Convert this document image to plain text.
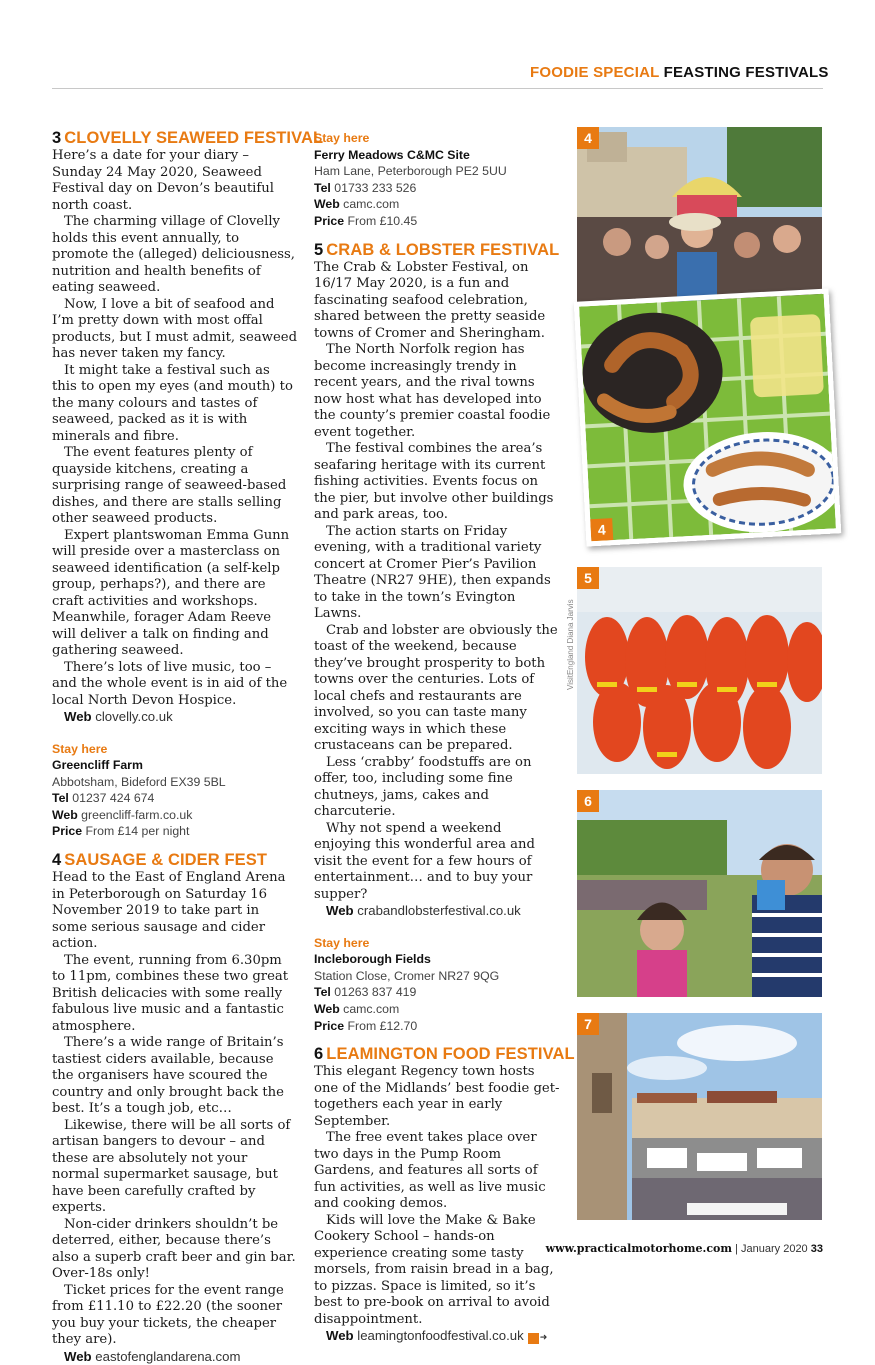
FOODIE SPECIAL FEASTING FESTIVALS
3 CLOVELLY SEAWEED FESTIVAL

Here’s a date for your diary – Sunday 24 May 2020, Seaweed Festival day on Devon’s beautiful north coast.

The charming village of Clovelly holds this event annually, to promote the (alleged) deliciousness, nutrition and health benefits of eating seaweed.

Now, I love a bit of seafood and I’m pretty down with most offal products, but I must admit, seaweed has never taken my fancy.

It might take a festival such as this to open my eyes (and mouth) to the many colours and tastes of seaweed, packed as it is with minerals and fibre.

The event features plenty of quayside kitchens, creating a surprising range of seaweed-based dishes, and there are stalls selling other seaweed products.

Expert plantswoman Emma Gunn will preside over a masterclass on seaweed identification (a self-kelp group, perhaps?), and there are craft activities and workshops. Meanwhile, forager Adam Reeve will deliver a talk on finding and gathering seaweed.

There’s lots of live music, too – and the whole event is in aid of the local North Devon Hospice.

Web clovelly.co.uk

Stay here
Greencliff Farm
Abbotsham, Bideford EX39 5BL
Tel 01237 424 674
Web greencliff-farm.co.uk
Price From £14 per night
4 SAUSAGE & CIDER FEST

Head to the East of England Arena in Peterborough on Saturday 16 November 2019 to take part in some serious sausage and cider action.

The event, running from 6.30pm to 11pm, combines these two great British delicacies with some really fabulous live music and a fantastic atmosphere.

There’s a wide range of Britain’s tastiest ciders available, because the organisers have scoured the country and only brought back the best. It’s a tough job, etc…

Likewise, there will be all sorts of artisan bangers to devour – and these are absolutely not your normal supermarket sausage, but have been carefully crafted by experts.

Non-cider drinkers shouldn’t be deterred, either, because there’s also a superb craft beer and gin bar. Over-18s only!

Ticket prices for the event range from £11.10 to £22.20 (the sooner you buy your tickets, the cheaper they are).

Web eastofenglandarena.com

Stay here
Ferry Meadows C&MC Site
Ham Lane, Peterborough PE2 5UU
Tel 01733 233 526
Web camc.com
Price From £10.45
5 CRAB & LOBSTER FESTIVAL

The Crab & Lobster Festival, on 16/17 May 2020, is a fun and fascinating seafood celebration, shared between the pretty seaside towns of Cromer and Sheringham.

The North Norfolk region has become increasingly trendy in recent years, and the rival towns now host what has developed into the county’s premier coastal foodie event together.

The festival combines the area’s seafaring heritage with its current fishing activities. Events focus on the pier, but involve other buildings and park areas, too.

The action starts on Friday evening, with a traditional variety concert at Cromer Pier’s Pavilion Theatre (NR27 9HE), then expands to take in the town’s Evington Lawns.

Crab and lobster are obviously the toast of the weekend, because they’ve brought prosperity to both towns over the centuries. Lots of local chefs and restaurants are involved, so you can taste many exciting ways in which these crustaceans can be prepared.

Less ‘crabby’ foodstuffs are on offer, too, including some fine chutneys, jams, cakes and charcuterie.

Why not spend a weekend enjoying this wonderful area and visit the event for a few hours of entertainment… and to buy your supper?

Web crabandlobsterfestival.co.uk

Stay here
Incleborough Fields
Station Close, Cromer NR27 9QG
Tel 01263 837 419
Web camc.com
Price From £12.70
6 LEAMINGTON FOOD FESTIVAL

This elegant Regency town hosts one of the Midlands’ best foodie get-togethers each year in early September.

The free event takes place over two days in the Pump Room Gardens, and features all sorts of fun activities, as well as live music and cooking demos.

Kids will love the Make & Bake Cookery School – hands-on experience creating some tasty morsels, from raisin bread in a bag, to pizzas. Space is limited, so it’s best to pre-book on arrival to avoid disappointment.

Web leamingtonfoodfestival.co.uk ➜

4
4
5
VisitEngland Diana Jarvis
6
7
www.practicalmotorhome.com | January 2020 33
